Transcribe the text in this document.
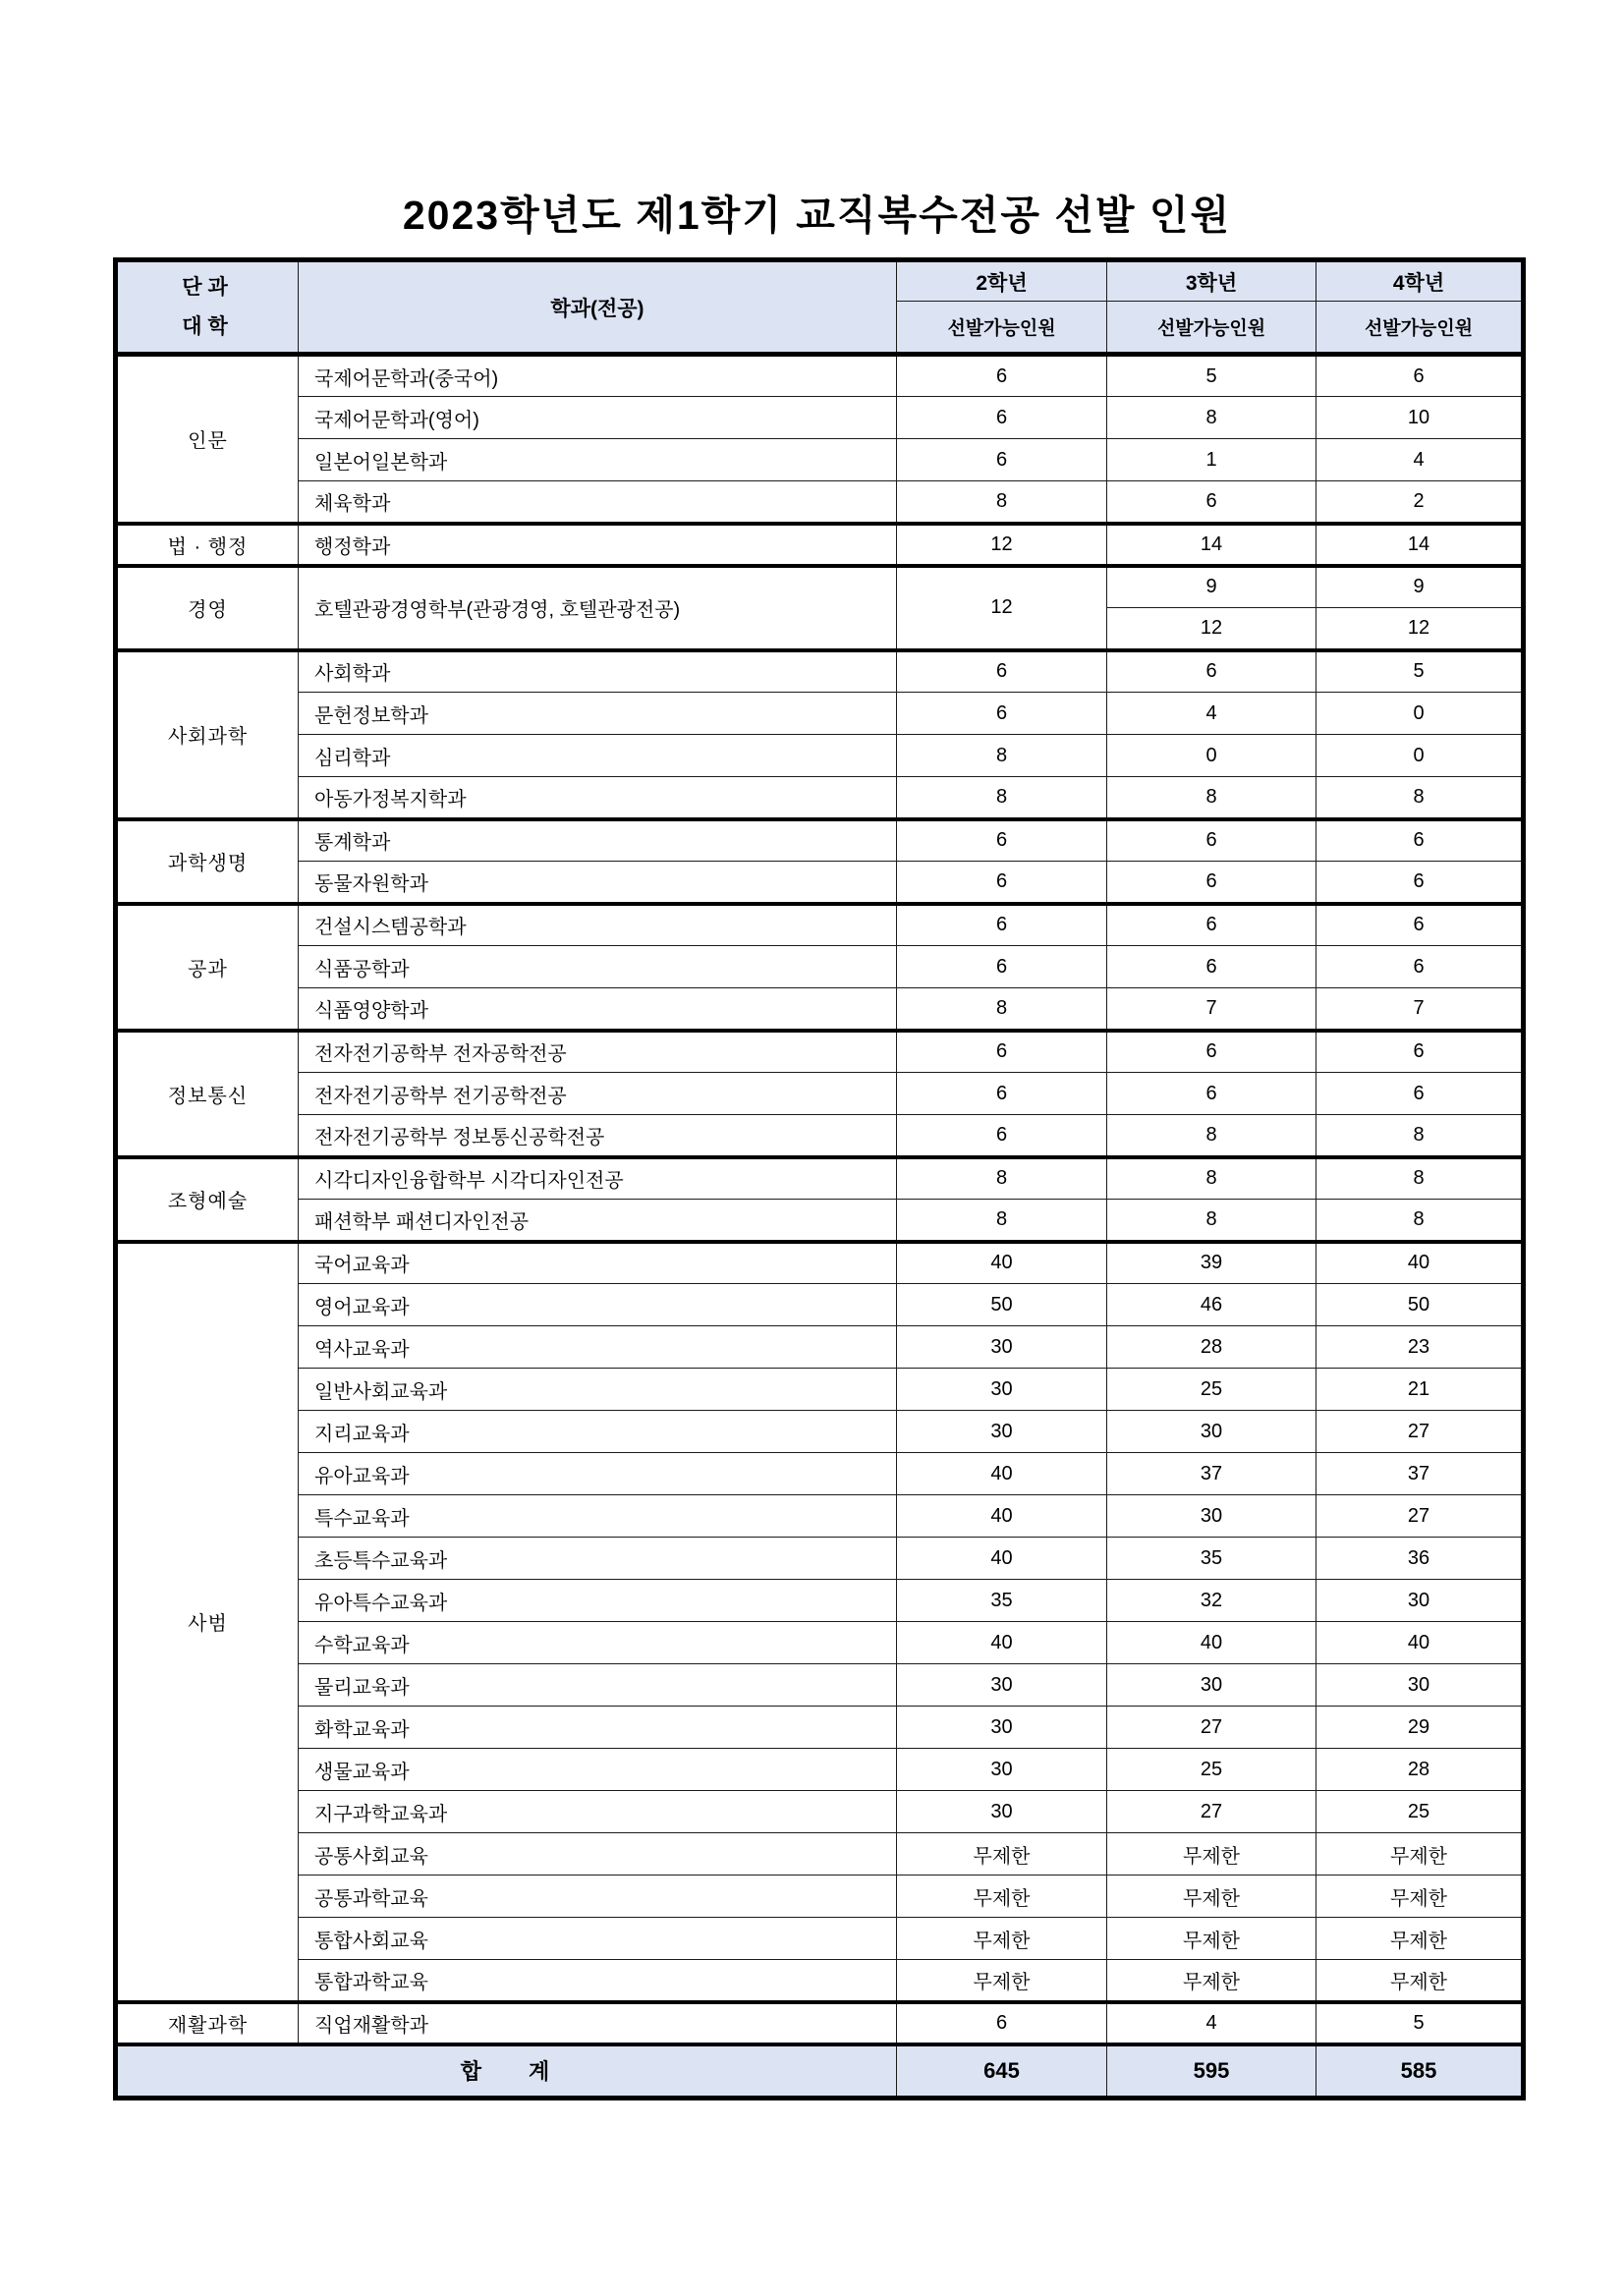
2023학년도 제1학기 교직복수전공 선발 인원
단과
대학	학과(전공)	2학년	3학년	4학년
		선발가능인원	선발가능인원	선발가능인원
인문	국제어문학과(중국어)	6	5	6
	국제어문학과(영어)	6	8	10
	일본어일본학과	6	1	4
	체육학과	8	6	2
법 · 행정	행정학과	12	14	14
경영	호텔관광경영학부(관광경영, 호텔관광전공)	12	9	9
			12	12
사회과학	사회학과	6	6	5
	문헌정보학과	6	4	0
	심리학과	8	0	0
	아동가정복지학과	8	8	8
과학생명	통계학과	6	6	6
	동물자원학과	6	6	6
공과	건설시스템공학과	6	6	6
	식품공학과	6	6	6
	식품영양학과	8	7	7
정보통신	전자전기공학부 전자공학전공	6	6	6
	전자전기공학부 전기공학전공	6	6	6
	전자전기공학부 정보통신공학전공	6	8	8
조형예술	시각디자인융합학부 시각디자인전공	8	8	8
	패션학부 패션디자인전공	8	8	8
사범	국어교육과	40	39	40
	영어교육과	50	46	50
	역사교육과	30	28	23
	일반사회교육과	30	25	21
	지리교육과	30	30	27
	유아교육과	40	37	37
	특수교육과	40	30	27
	초등특수교육과	40	35	36
	유아특수교육과	35	32	30
	수학교육과	40	40	40
	물리교육과	30	30	30
	화학교육과	30	27	29
	생물교육과	30	25	28
	지구과학교육과	30	27	25
	공통사회교육	무제한	무제한	무제한
	공통과학교육	무제한	무제한	무제한
	통합사회교육	무제한	무제한	무제한
	통합과학교육	무제한	무제한	무제한
재활과학	직업재활학과	6	4	5
합 계		645	595	585
